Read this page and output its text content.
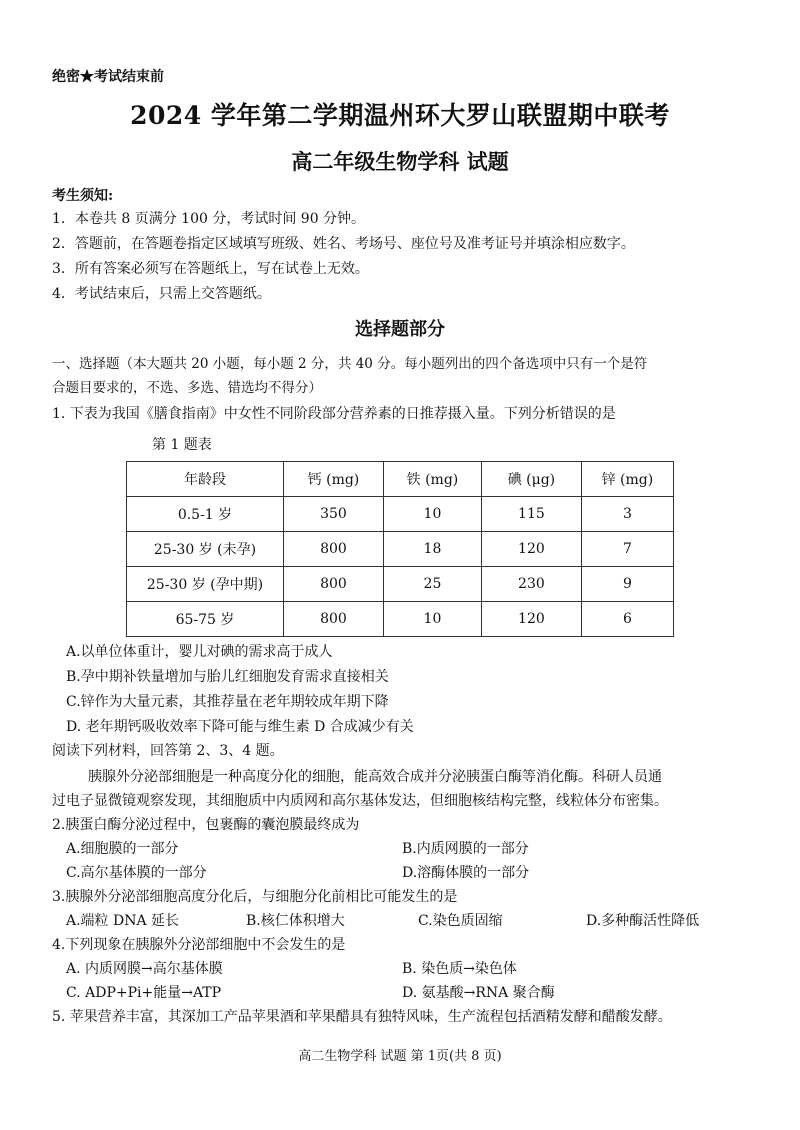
绝密★考试结束前
2024 学年第二学期温州环大罗山联盟期中联考
高二年级生物学科 试题
考生须知:
1．本卷共 8 页满分 100 分，考试时间 90 分钟。
2．答题前，在答题卷指定区域填写班级、姓名、考场号、座位号及准考证号并填涂相应数字。
3．所有答案必须写在答题纸上，写在试卷上无效。
4．考试结束后，只需上交答题纸。
选择题部分
一、选择题（本大题共 20 小题，每小题 2 分，共 40 分。每小题列出的四个备选项中只有一个是符
合题目要求的，不选、多选、错选均不得分）
1. 下表为我国《膳食指南》中女性不同阶段部分营养素的日推荐摄入量。下列分析错误的是
第 1 题表
年龄段	钙 (mg)	铁 (mg)	碘 (μg)	锌 (mg)
0.5-1 岁	350	10	115	3
25-30 岁 (未孕)	800	18	120	7
25-30 岁 (孕中期)	800	25	230	9
65-75 岁	800	10	120	6
A.以单位体重计，婴儿对碘的需求高于成人
B.孕中期补铁量增加与胎儿红细胞发育需求直接相关
C.锌作为大量元素，其推荐量在老年期较成年期下降
D. 老年期钙吸收效率下降可能与维生素 D 合成减少有关
阅读下列材料，回答第 2、3、4 题。
胰腺外分泌部细胞是一种高度分化的细胞，能高效合成并分泌胰蛋白酶等消化酶。科研人员通
过电子显微镜观察发现，其细胞质中内质网和高尔基体发达，但细胞核结构完整，线粒体分布密集。
2.胰蛋白酶分泌过程中，包裹酶的囊泡膜最终成为
A.细胞膜的一部分	B.内质网膜的一部分
C.高尔基体膜的一部分	D.溶酶体膜的一部分
3.胰腺外分泌部细胞高度分化后，与细胞分化前相比可能发生的是
A.端粒 DNA 延长	B.核仁体积增大	C.染色质固缩	D.多种酶活性降低
4.下列现象在胰腺外分泌部细胞中不会发生的是
A. 内质网膜→高尔基体膜	B. 染色质→染色体
C. ADP+Pi+能量→ATP	D. 氨基酸→RNA 聚合酶
5. 苹果营养丰富，其深加工产品苹果酒和苹果醋具有独特风味，生产流程包括酒精发酵和醋酸发酵。
高二生物学科 试题 第 1页(共 8 页)
